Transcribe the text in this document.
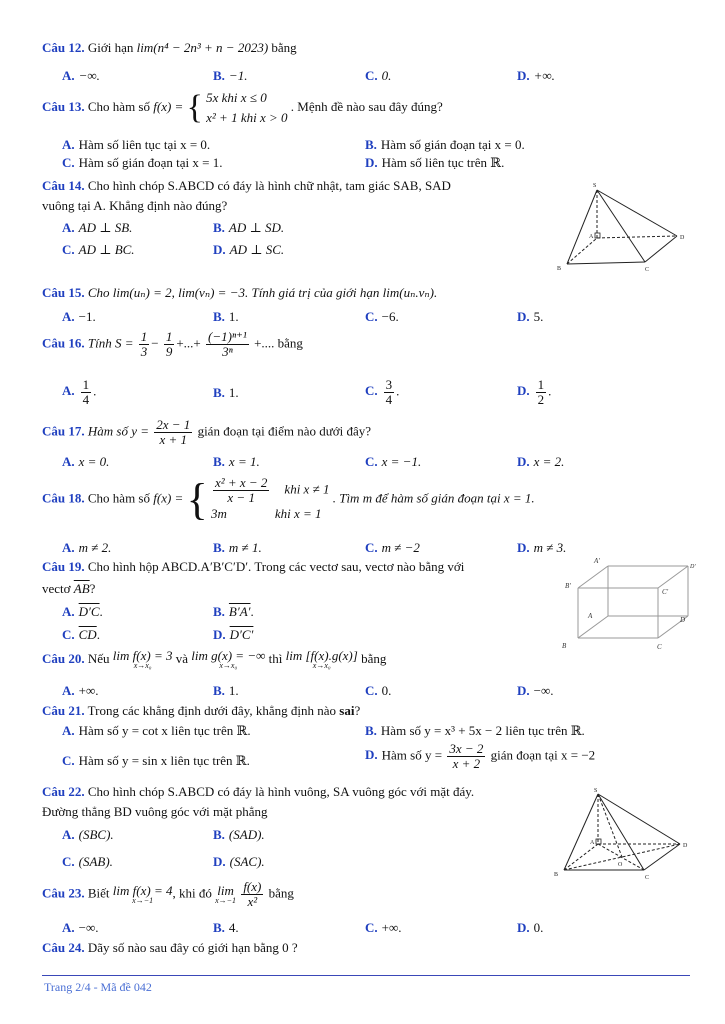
Câu 12. Giới hạn lim(n⁴ − 2n³ + n − 2023) bằng
A. −∞.	B. −1.	C. 0.	D. +∞.
Câu 13. Cho hàm số f(x) = { 5x khi x ≤ 0
x² + 1 khi x > 0
. Mệnh đề nào sau đây đúng?
A. Hàm số liên tục tại x = 0.	B. Hàm số gián đoạn tại x = 0.
C. Hàm số gián đoạn tại x = 1.	D. Hàm số liên tục trên ℝ.
Câu 14. Cho hình chóp S.ABCD có đáy là hình chữ nhật, tam giác SAB, SAD
vuông tại A. Khẳng định nào đúng?
A. AD ⊥ SB.	B. AD ⊥ SD.
C. AD ⊥ BC.	D. AD ⊥ SC.
S
A
B	C
D
Câu 15. Cho lim(uₙ) = 2, lim(vₙ) = −3. Tính giá trị của giới hạn lim(uₙ.vₙ).
A. −1.	B. 1.	C. −6.	D. 5.
Câu 16. Tính $S = \frac{1}{3} - \frac{1}{9}$ +...+ $\frac{\text{(−1)ⁿ⁺¹}}{\text{3ⁿ}}$ +.... bằng
A. $\frac{1}{4}$ .	B. 1.	C. $\frac{3}{4}$ .	D. $\frac{1}{2}$ .
Câu 17. Hàm số $y = \frac{2x - 1}{x + 1}$ gián đoạn tại điểm nào dưới đây?
A. x = 0.	B. x = 1.	C. x = −1.	D. x = 2.
Câu 18. Cho hàm số f(x) = { $\frac{\text{x² + x − 2}}{x - 1}$ khi x ≠ 1
3m	khi x = 1
. Tìm m để hàm số gián đoạn tại x = 1.
A. m ≠ 2.	B. m ≠ 1.	C. m ≠ −2	D. m ≠ 3.
Câu 19. Cho hình hộp ABCD.A′B′C′D′. Trong các vectơ sau, vectơ nào bằng với
vectơ $\overline{AB}$?
A. D′C.	B. B′A′.
C. $\overline{CD}$.	D. D′C′
A′
B′
C′
D′
A
B	C
D
Câu 20. Nếu lim f(x) = 3
x→x₀	và lim g(x) = −∞
x→x₀	thì lim [f(x).g(x)]
x→x₀	bằng
A. +∞.	B. 1.	C. 0.	D. −∞.
Câu 21. Trong các khẳng định dưới đây, khẳng định nào sai?
A. Hàm số y = cot x liên tục trên ℝ.	B. Hàm số y = x³ + 5x − 2 liên tục trên ℝ.
C. Hàm số y = sin x liên tục trên ℝ.	D. Hàm số $y = \frac{3x - 2}{x + 2}$ gián đoạn tại x = −2
Câu 22. Cho hình chóp S.ABCD có đáy là hình vuông, SA vuông góc với mặt đáy.
Đường thẳng BD vuông góc với mặt phẳng
A. (SBC).	B. (SAD).
C. (SAB).	D. (SAC).
S
A
B	C
D
O
Câu 23. Biết lim f(x) = 4
x→−1	, khi đó lim
x→−1
$\frac{f(x)}{\text{x²}}$ bằng
A. −∞.	B. 4.	C. +∞.	D. 0.
Câu 24. Dãy số nào sau đây có giới hạn bằng 0 ?
Trang 2/4 - Mã đề 042
